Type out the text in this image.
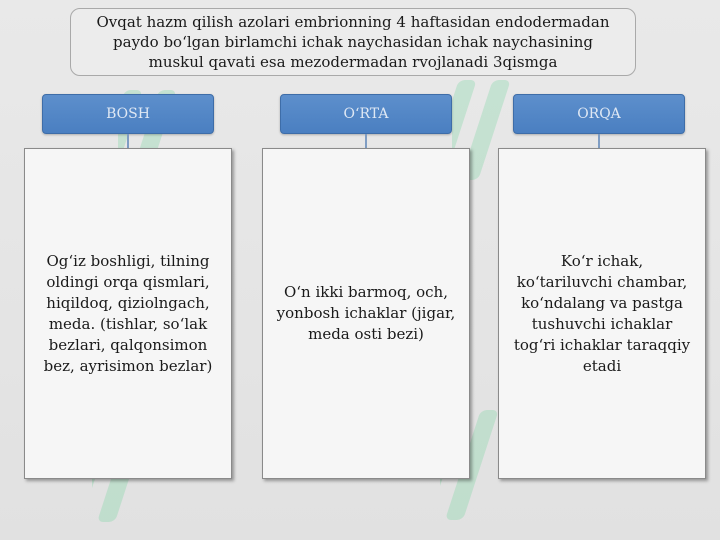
Ovqat hazm qilish azolari embrionning 4 haftasidan endodermadan paydo bo‘lgan birlamchi ichak naychasidan ichak naychasining muskul qavati esa mezodermadan rvojlanadi 3qismga
BOSH	O‘RTA	ORQA
Og‘iz boshligi, tilning oldingi orqa qismlari, hiqildoq, qiziolngach, meda. (tishlar, so‘lak bezlari, qalqonsimon bez, ayrisimon bezlar)
O‘n ikki barmoq, och, yonbosh ichaklar (jigar, meda osti bezi)
Ko‘r ichak, ko‘tariluvchi chambar, ko‘ndalang va pastga tushuvchi ichaklar tog‘ri ichaklar taraqqiy etadi
